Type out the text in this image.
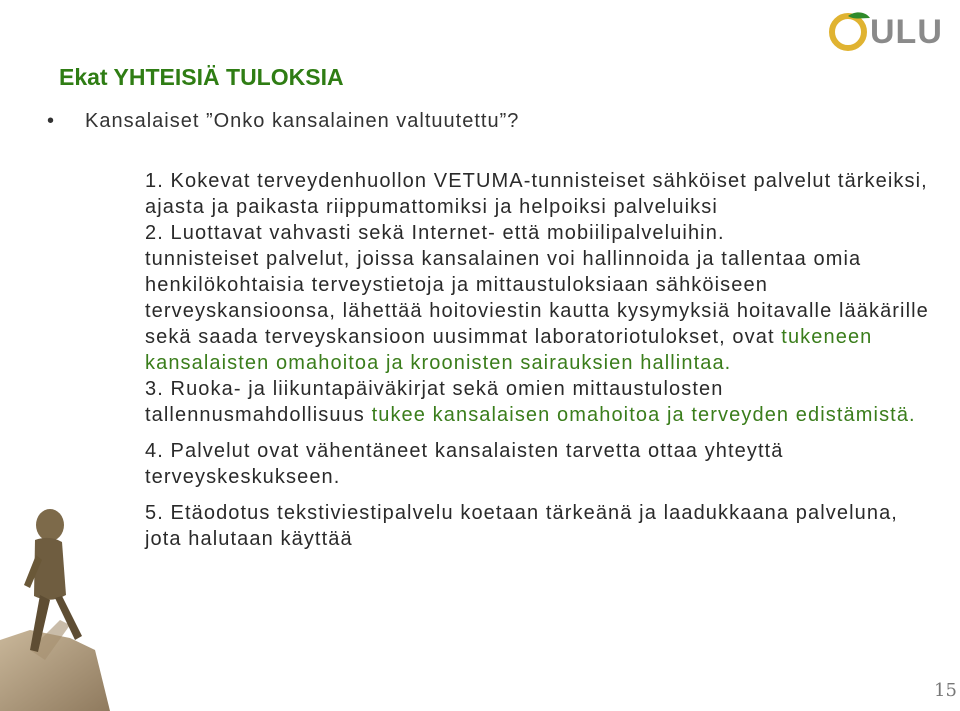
ULU
Ekat YHTEISIÄ TULOKSIA
• Kansalaiset ”Onko kansalainen valtuutettu”?

1. Kokevat terveydenhuollon VETUMA-tunnisteiset sähköiset palvelut tärkeiksi, ajasta ja paikasta riippumattomiksi ja helpoiksi palveluiksi

2. Luottavat vahvasti sekä Internet- että mobiilipalveluihin.

tunnisteiset palvelut, joissa kansalainen voi hallinnoida ja tallentaa omia henkilökohtaisia terveystietoja ja mittaustuloksiaan sähköiseen terveyskansioonsa, lähettää hoitoviestin kautta kysymyksiä hoitavalle lääkärille sekä saada terveyskansioon uusimmat laboratoriotulokset, ovat tukeneen kansalaisten omahoitoa ja kroonisten sairauksien hallintaa.

3. Ruoka- ja liikuntapäiväkirjat sekä omien mittaustulosten tallennusmahdollisuus tukee kansalaisen omahoitoa ja terveyden edistämistä.

4. Palvelut ovat vähentäneet kansalaisten tarvetta ottaa yhteyttä terveyskeskukseen.

5. Etäodotus tekstiviestipalvelu koetaan tärkeänä ja laadukkaana palveluna, jota halutaan käyttää

15
